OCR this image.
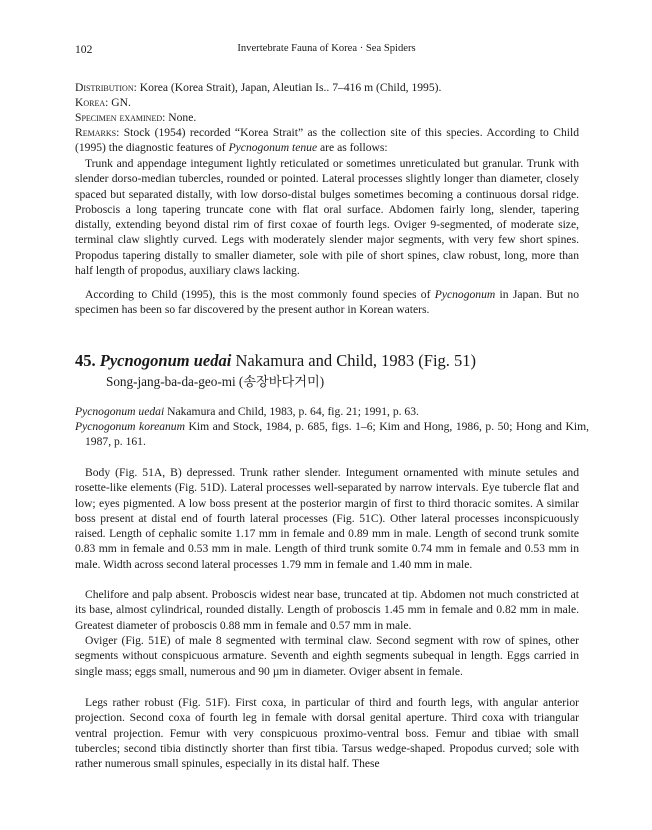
102	Invertebrate Fauna of Korea · Sea Spiders

Distribution: Korea (Korea Strait), Japan, Aleutian Is.. 7–416 m (Child, 1995).

Korea: GN.

Specimen examined: None.

Remarks: Stock (1954) recorded “Korea Strait” as the collection site of this species. According to Child (1995) the diagnostic features of Pycnogonum tenue are as follows:

Trunk and appendage integument lightly reticulated or sometimes unreticulated but granular. Trunk with slender dorso-median tubercles, rounded or pointed. Lateral processes slightly longer than diameter, closely spaced but separated distally, with low dorso-distal bulges sometimes becoming a continuous dorsal ridge. Proboscis a long tapering truncate cone with flat oral surface. Abdomen fairly long, slender, tapering distally, extending beyond distal rim of first coxae of fourth legs. Oviger 9-segmented, of moderate size, terminal claw slightly curved. Legs with moderately slender major segments, with very few short spines. Propodus tapering distally to smaller diameter, sole with pile of short spines, claw robust, long, more than half length of propodus, auxiliary claws lacking.

According to Child (1995), this is the most commonly found species of Pycnogonum in Japan. But no specimen has been so far discovered by the present author in Korean waters.

45. Pycnogonum uedai Nakamura and Child, 1983 (Fig. 51)

Song-jang-ba-da-geo-mi (송장바다거미)

Pycnogonum uedai Nakamura and Child, 1983, p. 64, fig. 21; 1991, p. 63.

Pycnogonum koreanum Kim and Stock, 1984, p. 685, figs. 1–6; Kim and Hong, 1986, p. 50; Hong and Kim, 1987, p. 161.

Body (Fig. 51A, B) depressed. Trunk rather slender. Integument ornamented with minute setules and rosette-like elements (Fig. 51D). Lateral processes well-separated by narrow intervals. Eye tubercle flat and low; eyes pigmented. A low boss present at the posterior margin of first to third thoracic somites. A similar boss present at distal end of fourth lateral processes (Fig. 51C). Other lateral processes inconspicuously raised. Length of cephalic somite 1.17 mm in female and 0.89 mm in male. Length of second trunk somite 0.83 mm in female and 0.53 mm in male. Length of third trunk somite 0.74 mm in female and 0.53 mm in male. Width across second lateral processes 1.79 mm in female and 1.40 mm in male.

Chelifore and palp absent. Proboscis widest near base, truncated at tip. Abdomen not much constricted at its base, almost cylindrical, rounded distally. Length of proboscis 1.45 mm in female and 0.82 mm in male. Greatest diameter of proboscis 0.88 mm in female and 0.57 mm in male.

Oviger (Fig. 51E) of male 8 segmented with terminal claw. Second segment with row of spines, other segments without conspicuous armature. Seventh and eighth segments subequal in length. Eggs carried in single mass; eggs small, numerous and 90 µm in diameter. Oviger absent in female.

Legs rather robust (Fig. 51F). First coxa, in particular of third and fourth legs, with angular anterior projection. Second coxa of fourth leg in female with dorsal genital aperture. Third coxa with triangular ventral projection. Femur with very conspicuous proximo-ventral boss. Femur and tibiae with small tubercles; second tibia distinctly shorter than first tibia. Tarsus wedge-shaped. Propodus curved; sole with rather numerous small spinules, especially in its distal half. These
